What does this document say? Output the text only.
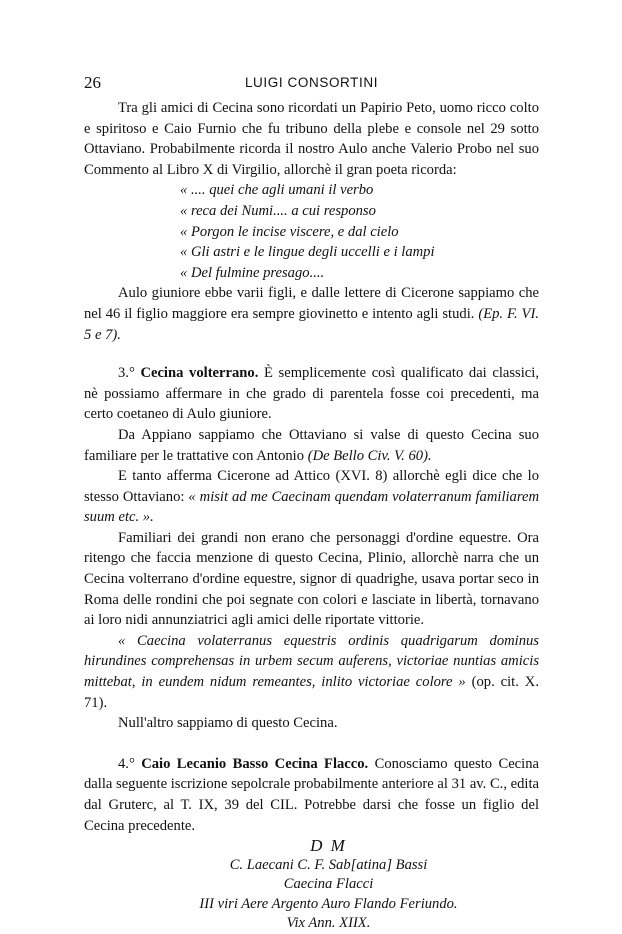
26	LUIGI CONSORTINI

Tra gli amici di Cecina sono ricordati un Papirio Peto, uomo ricco colto e spiritoso e Caio Furnio che fu tribuno della plebe e console nel 29 sotto Ottaviano. Probabilmente ricorda il nostro Aulo anche Valerio Probo nel suo Commento al Libro X di Virgilio, allorchè il gran poeta ricorda:

« .... quei che agli umani il verbo

« reca dei Numi.... a cui responso

« Porgon le incise viscere, e dal cielo

« Gli astri e le lingue degli uccelli e i lampi

« Del fulmine presago....

Aulo giuniore ebbe varii figli, e dalle lettere di Cicerone sappiamo che nel 46 il figlio maggiore era sempre giovinetto e intento agli studi. (Ep. F. VI. 5 e 7).

3.° Cecina volterrano. È semplicemente così qualificato dai classici, nè possiamo affermare in che grado di parentela fosse coi precedenti, ma certo coetaneo di Aulo giuniore.

Da Appiano sappiamo che Ottaviano si valse di questo Cecina suo familiare per le trattative con Antonio (De Bello Civ. V. 60).

E tanto afferma Cicerone ad Attico (XVI. 8) allorchè egli dice che lo stesso Ottaviano: « misit ad me Caecinam quendam volaterranum familiarem suum etc. ».

Familiari dei grandi non erano che personaggi d'ordine equestre. Ora ritengo che faccia menzione di questo Cecina, Plinio, allorchè narra che un Cecina volterrano d'ordine equestre, signor di quadrighe, usava portar seco in Roma delle rondini che poi segnate con colori e lasciate in libertà, tornavano ai loro nidi annunziatrici agli amici delle riportate vittorie.

« Caecina volaterranus equestris ordinis quadrigarum dominus hirundines comprehensas in urbem secum auferens, victoriae nuntias amicis mittebat, in eundem nidum remeantes, inlito victoriae colore » (op. cit. X. 71).

Null'altro sappiamo di questo Cecina.

4.° Caio Lecanio Basso Cecina Flacco. Conosciamo questo Cecina dalla seguente iscrizione sepolcrale probabilmente anteriore al 31 av. C., edita dal Gruterc, al T. IX, 39 del CIL. Potrebbe darsi che fosse un figlio del Cecina precedente.

D M

C. Laecani C. F. Sab[atina] Bassi

Caecina Flacci

III viri Aere Argento Auro Flando Feriundo.

Vix Ann. XIIX.
